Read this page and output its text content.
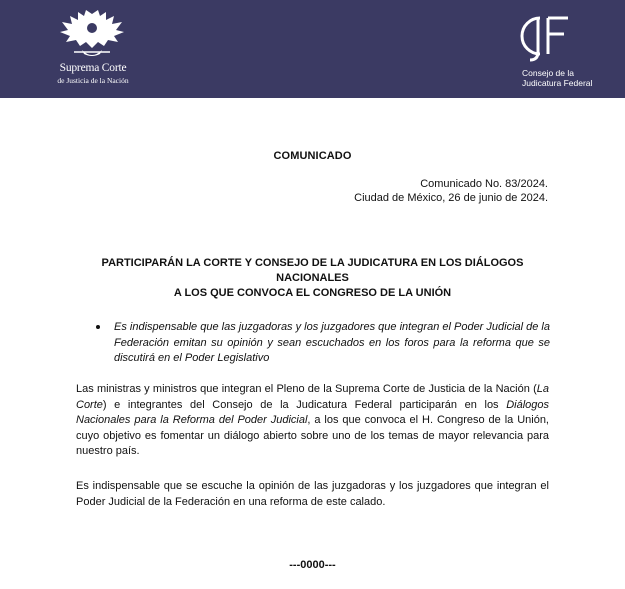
Suprema Corte
de Justicia de la Nación
Consejo de la
Judicatura Federal
COMUNICADO
Comunicado No. 83/2024.
Ciudad de México, 26 de junio de 2024.
PARTICIPARÁN LA CORTE Y CONSEJO DE LA JUDICATURA EN LOS DIÁLOGOS NACIONALES
A LOS QUE CONVOCA EL CONGRESO DE LA UNIÓN
Es indispensable que las juzgadoras y los juzgadores que integran el Poder Judicial de la Federación emitan su opinión y sean escuchados en los foros para la reforma que se discutirá en el Poder Legislativo
Las ministras y ministros que integran el Pleno de la Suprema Corte de Justicia de la Nación (La Corte) e integrantes del Consejo de la Judicatura Federal participarán en los Diálogos Nacionales para la Reforma del Poder Judicial, a los que convoca el H. Congreso de la Unión, cuyo objetivo es fomentar un diálogo abierto sobre uno de los temas de mayor relevancia para nuestro país.
Es indispensable que se escuche la opinión de las juzgadoras y los juzgadores que integran el Poder Judicial de la Federación en una reforma de este calado.
---0000---
